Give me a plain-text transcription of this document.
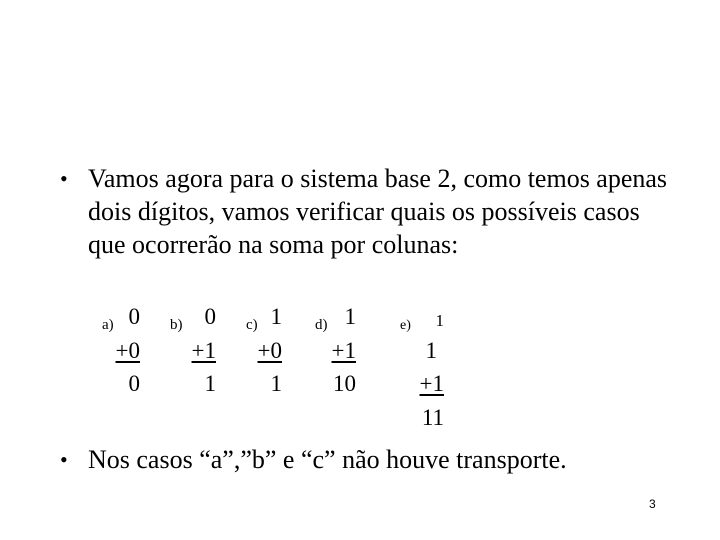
• Vamos agora para o sistema base 2, como temos apenas dois dígitos, vamos verificar quais os possíveis casos que ocorrerão na soma por colunas:
a) 0
+0
0
b) 0
+1
1
c) 1
+0
1
d) 1
+1
10
e) 1
1
+1
11
• Nos casos “a”,”b” e “c” não houve transporte.
3
